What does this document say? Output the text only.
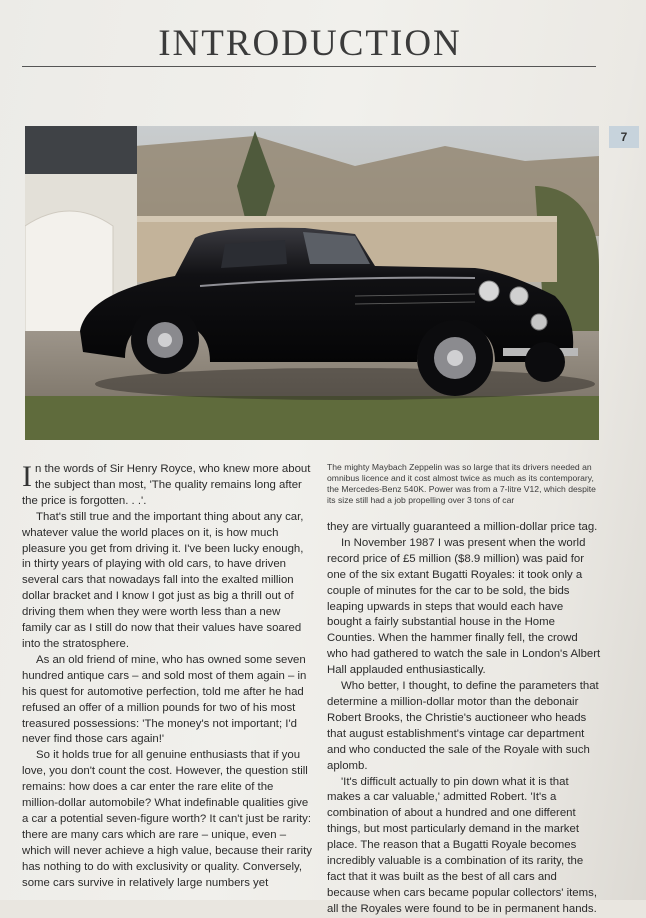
INTRODUCTION
7

The mighty Maybach Zeppelin was so large that its drivers needed an omnibus licence and it cost almost twice as much as its contemporary, the Mercedes-Benz 540K. Power was from a 7-litre V12, which despite its size still had a job propelling over 3 tons of car

In the words of Sir Henry Royce, who knew more about the subject than most, 'The quality remains long after the price is forgotten. . .'.

That's still true and the important thing about any car, whatever value the world places on it, is how much pleasure you get from driving it. I've been lucky enough, in thirty years of playing with old cars, to have driven several cars that nowadays fall into the exalted million dollar bracket and I know I got just as big a thrill out of driving them when they were worth less than a new family car as I still do now that their values have soared into the stratosphere.

As an old friend of mine, who has owned some seven hundred antique cars – and sold most of them again – in his quest for automotive perfection, told me after he had refused an offer of a million pounds for two of his most treasured possessions: 'The money's not important; I'd never find those cars again!'

So it holds true for all genuine enthusiasts that if you love, you don't count the cost. However, the question still remains: how does a car enter the rare elite of the million-dollar automobile? What indefinable qualities give a car a potential seven-figure worth? It can't just be rarity: there are many cars which are rare – unique, even – which will never achieve a high value, because their rarity has nothing to do with exclusivity or quality. Conversely, some cars survive in relatively large numbers yet

they are virtually guaranteed a million-dollar price tag.

In November 1987 I was present when the world record price of £5 million ($8.9 million) was paid for one of the six extant Bugatti Royales: it took only a couple of minutes for the car to be sold, the bids leaping upwards in steps that would each have bought a fairly substantial house in the Home Counties. When the hammer finally fell, the crowd who had gathered to watch the sale in London's Albert Hall applauded enthusiastically.

Who better, I thought, to define the parameters that determine a million-dollar motor than the debonair Robert Brooks, the Christie's auctioneer who heads that august establishment's vintage car department and who conducted the sale of the Royale with such aplomb.

'It's difficult actually to pin down what it is that makes a car valuable,' admitted Robert. 'It's a combination of about a hundred and one different things, but most particularly demand in the market place. The reason that a Bugatti Royale becomes incredibly valuable is a combination of its rarity, the fact that it was built as the best of all cars and because when cars became popular collectors' items, all the Royales were found to be in permanent hands.
